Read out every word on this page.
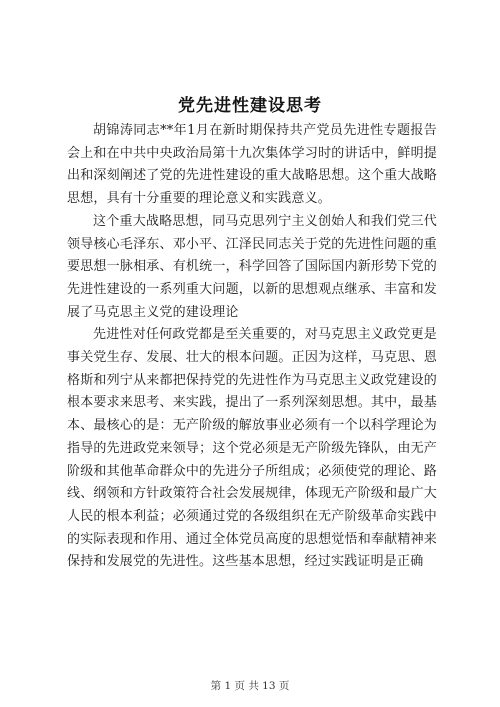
党先进性建设思考

胡锦涛同志**年1月在新时期保持共产党员先进性专题报告会上和在中共中央政治局第十九次集体学习时的讲话中，鲜明提出和深刻阐述了党的先进性建设的重大战略思想。这个重大战略思想，具有十分重要的理论意义和实践意义。

这个重大战略思想，同马克思列宁主义创始人和我们党三代领导核心毛泽东、邓小平、江泽民同志关于党的先进性问题的重要思想一脉相承、有机统一，科学回答了国际国内新形势下党的先进性建设的一系列重大问题，以新的思想观点继承、丰富和发展了马克思主义党的建设理论

先进性对任何政党都是至关重要的，对马克思主义政党更是事关党生存、发展、壮大的根本问题。正因为这样，马克思、恩格斯和列宁从来都把保持党的先进性作为马克思主义政党建设的根本要求来思考、来实践，提出了一系列深刻思想。其中，最基本、最核心的是：无产阶级的解放事业必须有一个以科学理论为指导的先进政党来领导；这个党必须是无产阶级先锋队，由无产阶级和其他革命群众中的先进分子所组成；必须使党的理论、路线、纲领和方针政策符合社会发展规律，体现无产阶级和最广大人民的根本利益；必须通过党的各级组织在无产阶级革命实践中的实际表现和作用、通过全体党员高度的思想觉悟和奉献精神来保持和发展党的先进性。这些基本思想，经过实践证明是正确

第 1 页 共 13 页
